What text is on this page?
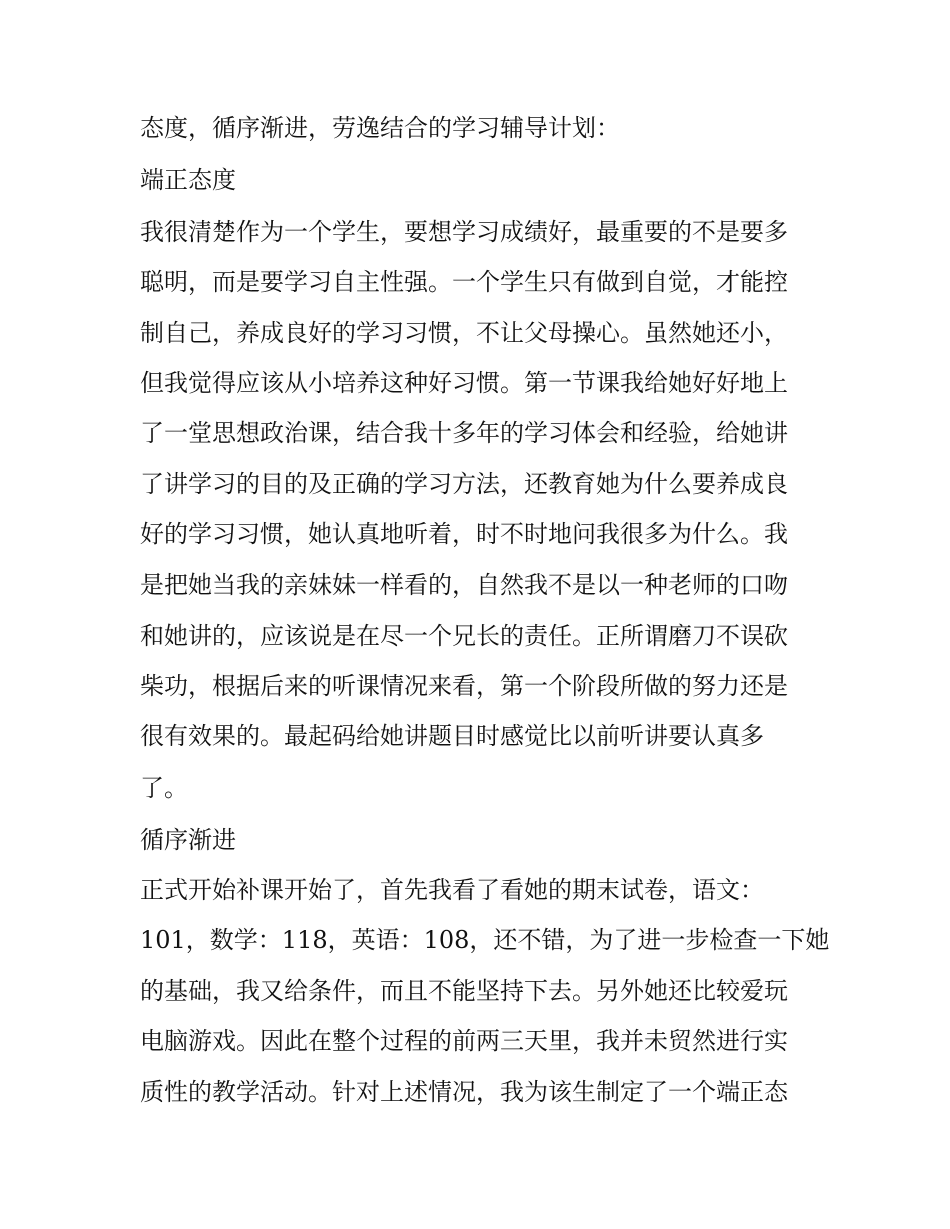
态度，循序渐进，劳逸结合的学习辅导计划：
端正态度
我很清楚作为一个学生，要想学习成绩好，最重要的不是要多
聪明，而是要学习自主性强。一个学生只有做到自觉，才能控
制自己，养成良好的学习习惯，不让父母操心。虽然她还小，
但我觉得应该从小培养这种好习惯。第一节课我给她好好地上
了一堂思想政治课，结合我十多年的学习体会和经验，给她讲
了讲学习的目的及正确的学习方法，还教育她为什么要养成良
好的学习习惯，她认真地听着，时不时地问我很多为什么。我
是把她当我的亲妹妹一样看的，自然我不是以一种老师的口吻
和她讲的，应该说是在尽一个兄长的责任。正所谓磨刀不误砍
柴功，根据后来的听课情况来看，第一个阶段所做的努力还是
很有效果的。最起码给她讲题目时感觉比以前听讲要认真多
了。
循序渐进
正式开始补课开始了，首先我看了看她的期末试卷，语文：
101，数学：118，英语：108，还不错，为了进一步检查一下她
的基础，我又给条件，而且不能坚持下去。另外她还比较爱玩
电脑游戏。因此在整个过程的前两三天里，我并未贸然进行实
质性的教学活动。针对上述情况，我为该生制定了一个端正态
